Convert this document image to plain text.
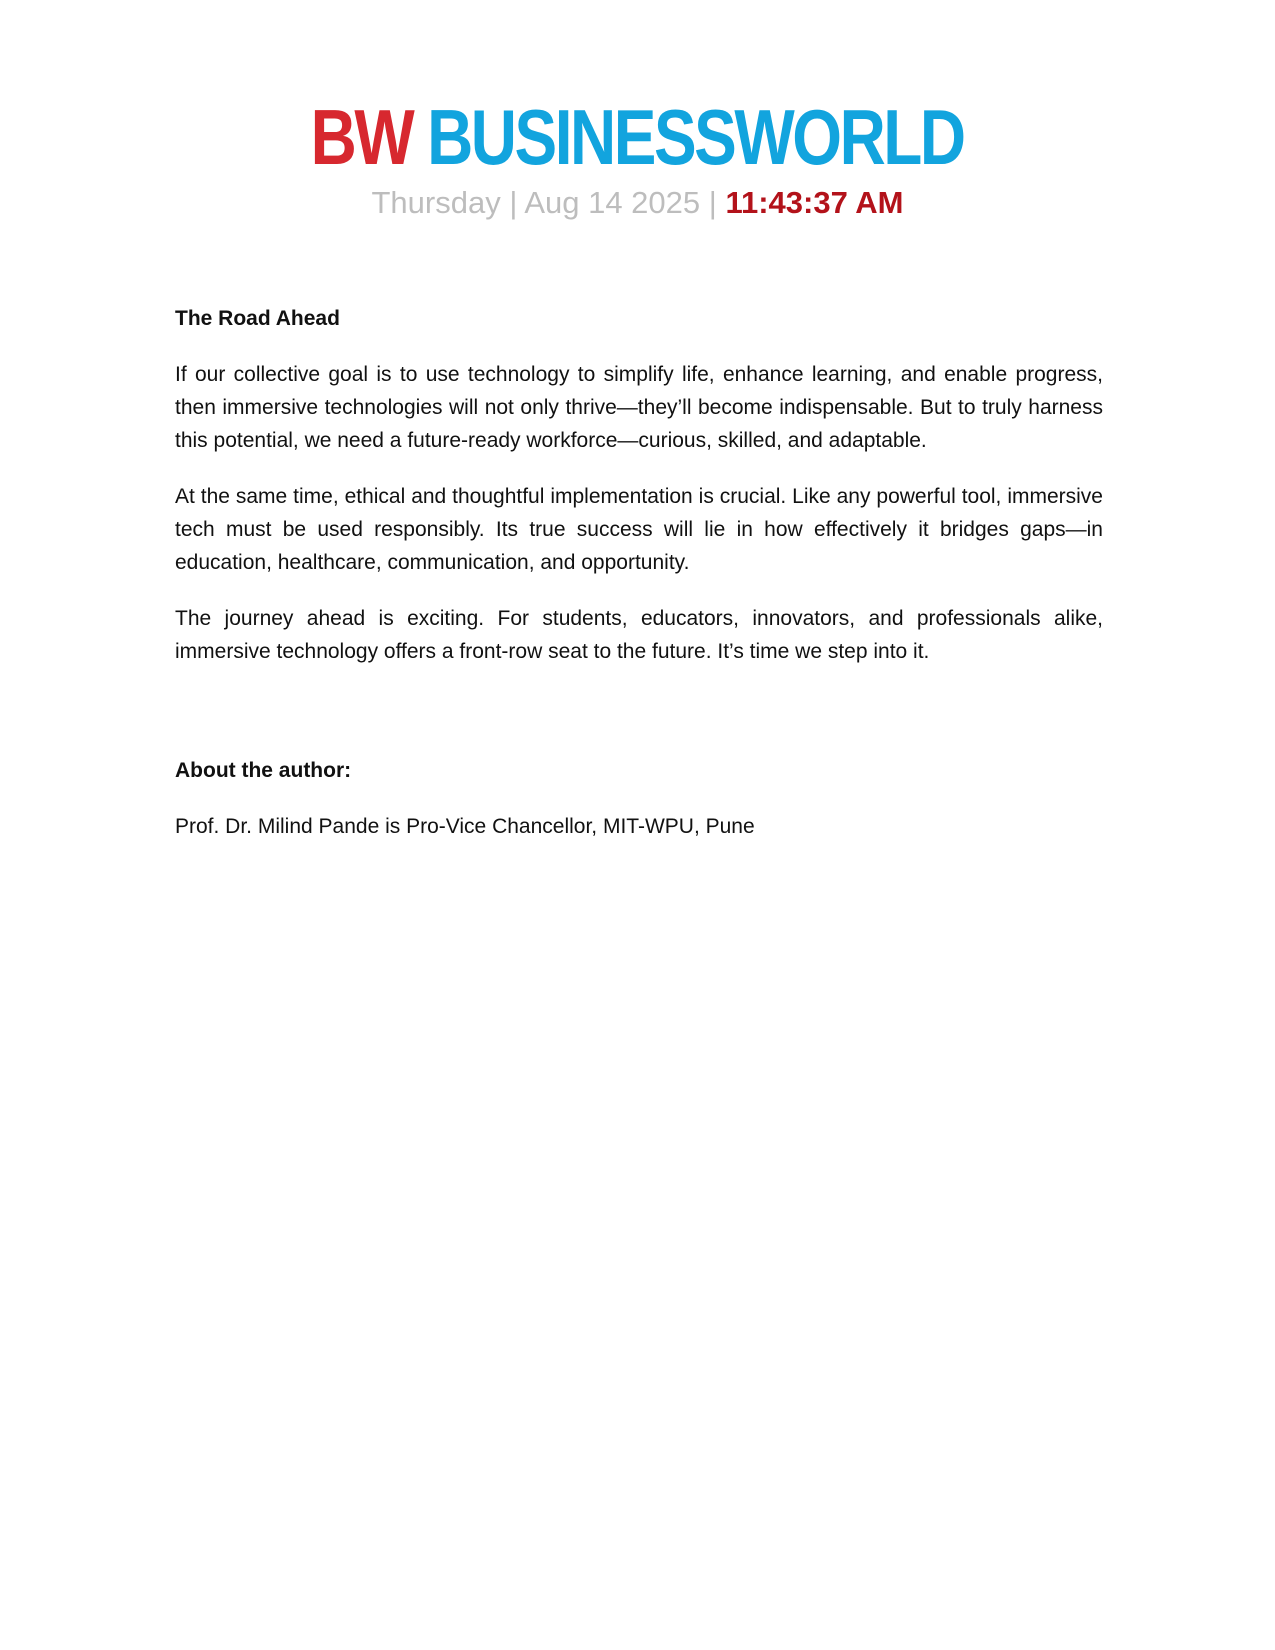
BW BUSINESSWORLD
Thursday | Aug 14 2025 | 11:43:37 AM

The Road Ahead

If our collective goal is to use technology to simplify life, enhance learning, and enable progress, then immersive technologies will not only thrive—they’ll become indispensable. But to truly harness this potential, we need a future-ready workforce—curious, skilled, and adaptable.

At the same time, ethical and thoughtful implementation is crucial. Like any powerful tool, immersive tech must be used responsibly. Its true success will lie in how effectively it bridges gaps—in education, healthcare, communication, and opportunity.

The journey ahead is exciting. For students, educators, innovators, and professionals alike, immersive technology offers a front-row seat to the future. It’s time we step into it.

About the author:

Prof. Dr. Milind Pande is Pro-Vice Chancellor, MIT-WPU, Pune
